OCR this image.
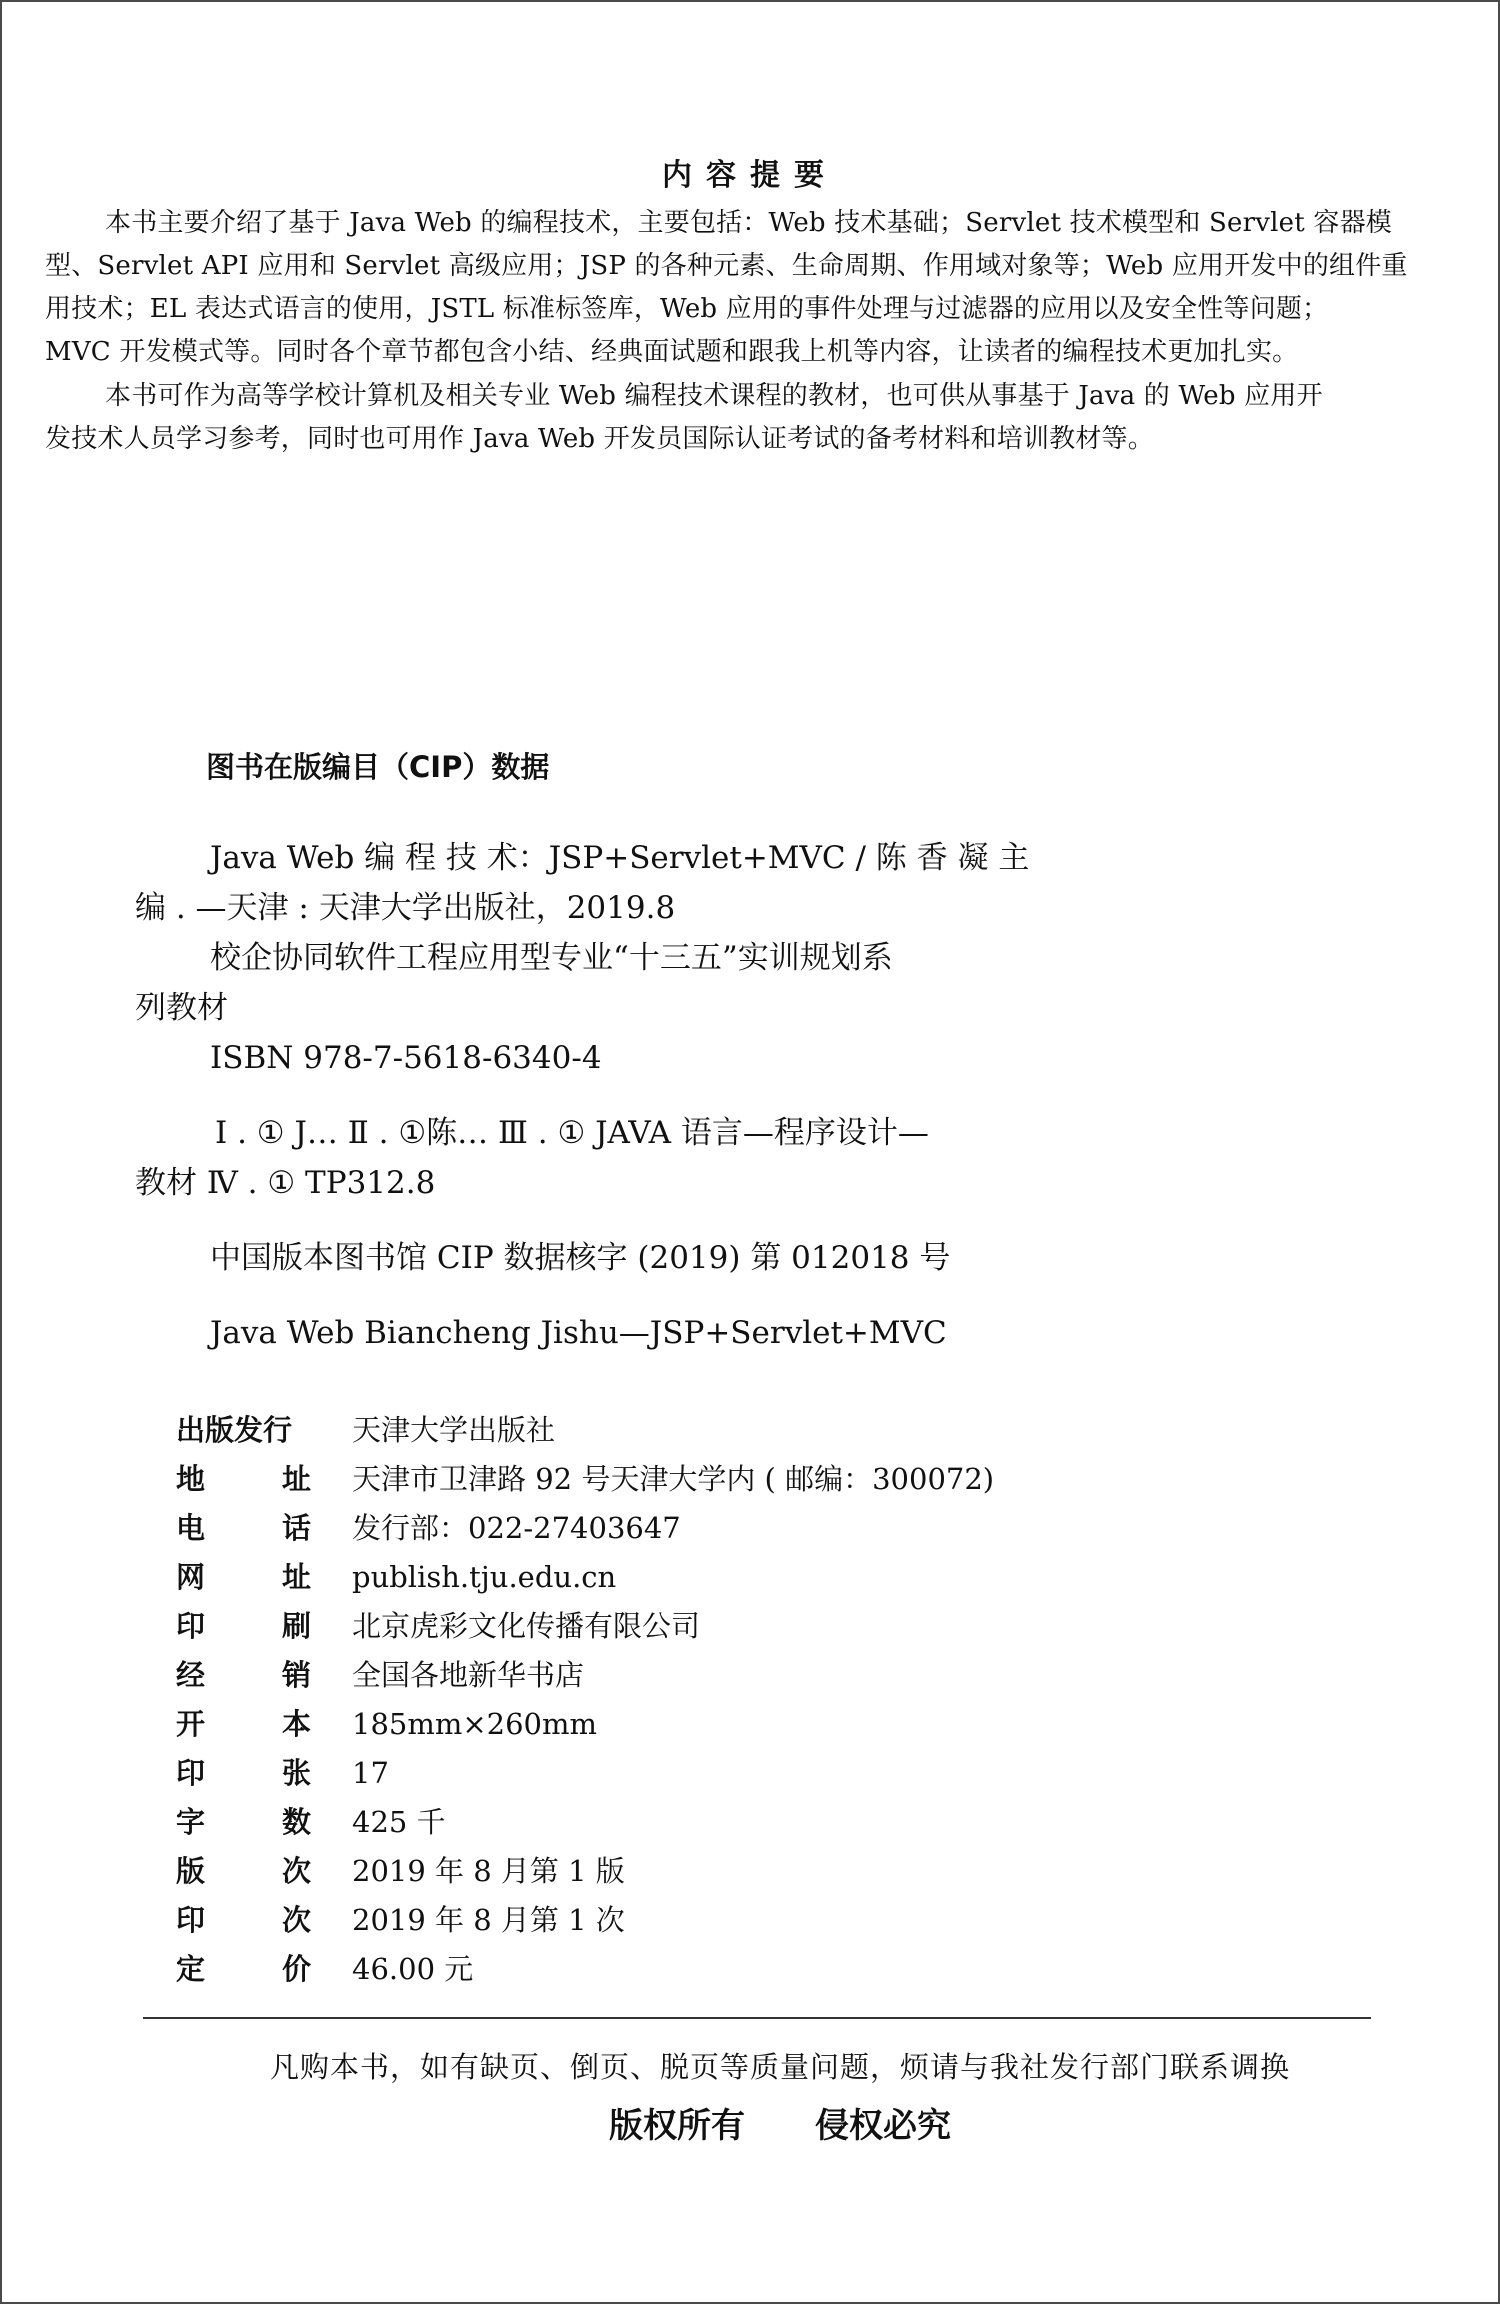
内容提要
本书主要介绍了基于 Java Web 的编程技术，主要包括：Web 技术基础；Servlet 技术模型和 Servlet 容器模
型、Servlet API 应用和 Servlet 高级应用；JSP 的各种元素、生命周期、作用域对象等；Web 应用开发中的组件重
用技术；EL 表达式语言的使用，JSTL 标准标签库，Web 应用的事件处理与过滤器的应用以及安全性等问题；
MVC 开发模式等。同时各个章节都包含小结、经典面试题和跟我上机等内容，让读者的编程技术更加扎实。
本书可作为高等学校计算机及相关专业 Web 编程技术课程的教材，也可供从事基于 Java 的 Web 应用开
发技术人员学习参考，同时也可用作 Java Web 开发员国际认证考试的备考材料和培训教材等。
图书在版编目（CIP）数据
Java Web 编 程 技 术：JSP+Servlet+MVC / 陈 香 凝 主
编 . —天津 : 天津大学出版社，2019.8
校企协同软件工程应用型专业“十三五”实训规划系
列教材
ISBN 978-7-5618-6340-4
Ⅰ . ① J… Ⅱ . ①陈… Ⅲ . ① JAVA 语言—程序设计—
教材 Ⅳ . ① TP312.8
中国版本图书馆 CIP 数据核字 (2019) 第 012018 号
Java Web Biancheng Jishu—JSP+Servlet+MVC
出版发行 天津大学出版社
地	址 天津市卫津路 92 号天津大学内 ( 邮编：300072)
电	话 发行部：022-27403647
网	址 publish.tju.edu.cn
印	刷 北京虎彩文化传播有限公司
经	销 全国各地新华书店
开	本 185mm×260mm
印	张 17
字	数 425 千
版	次 2019 年 8 月第 1 版
印	次 2019 年 8 月第 1 次
定	价 46.00 元
凡购本书，如有缺页、倒页、脱页等质量问题，烦请与我社发行部门联系调换
版权所有 侵权必究
